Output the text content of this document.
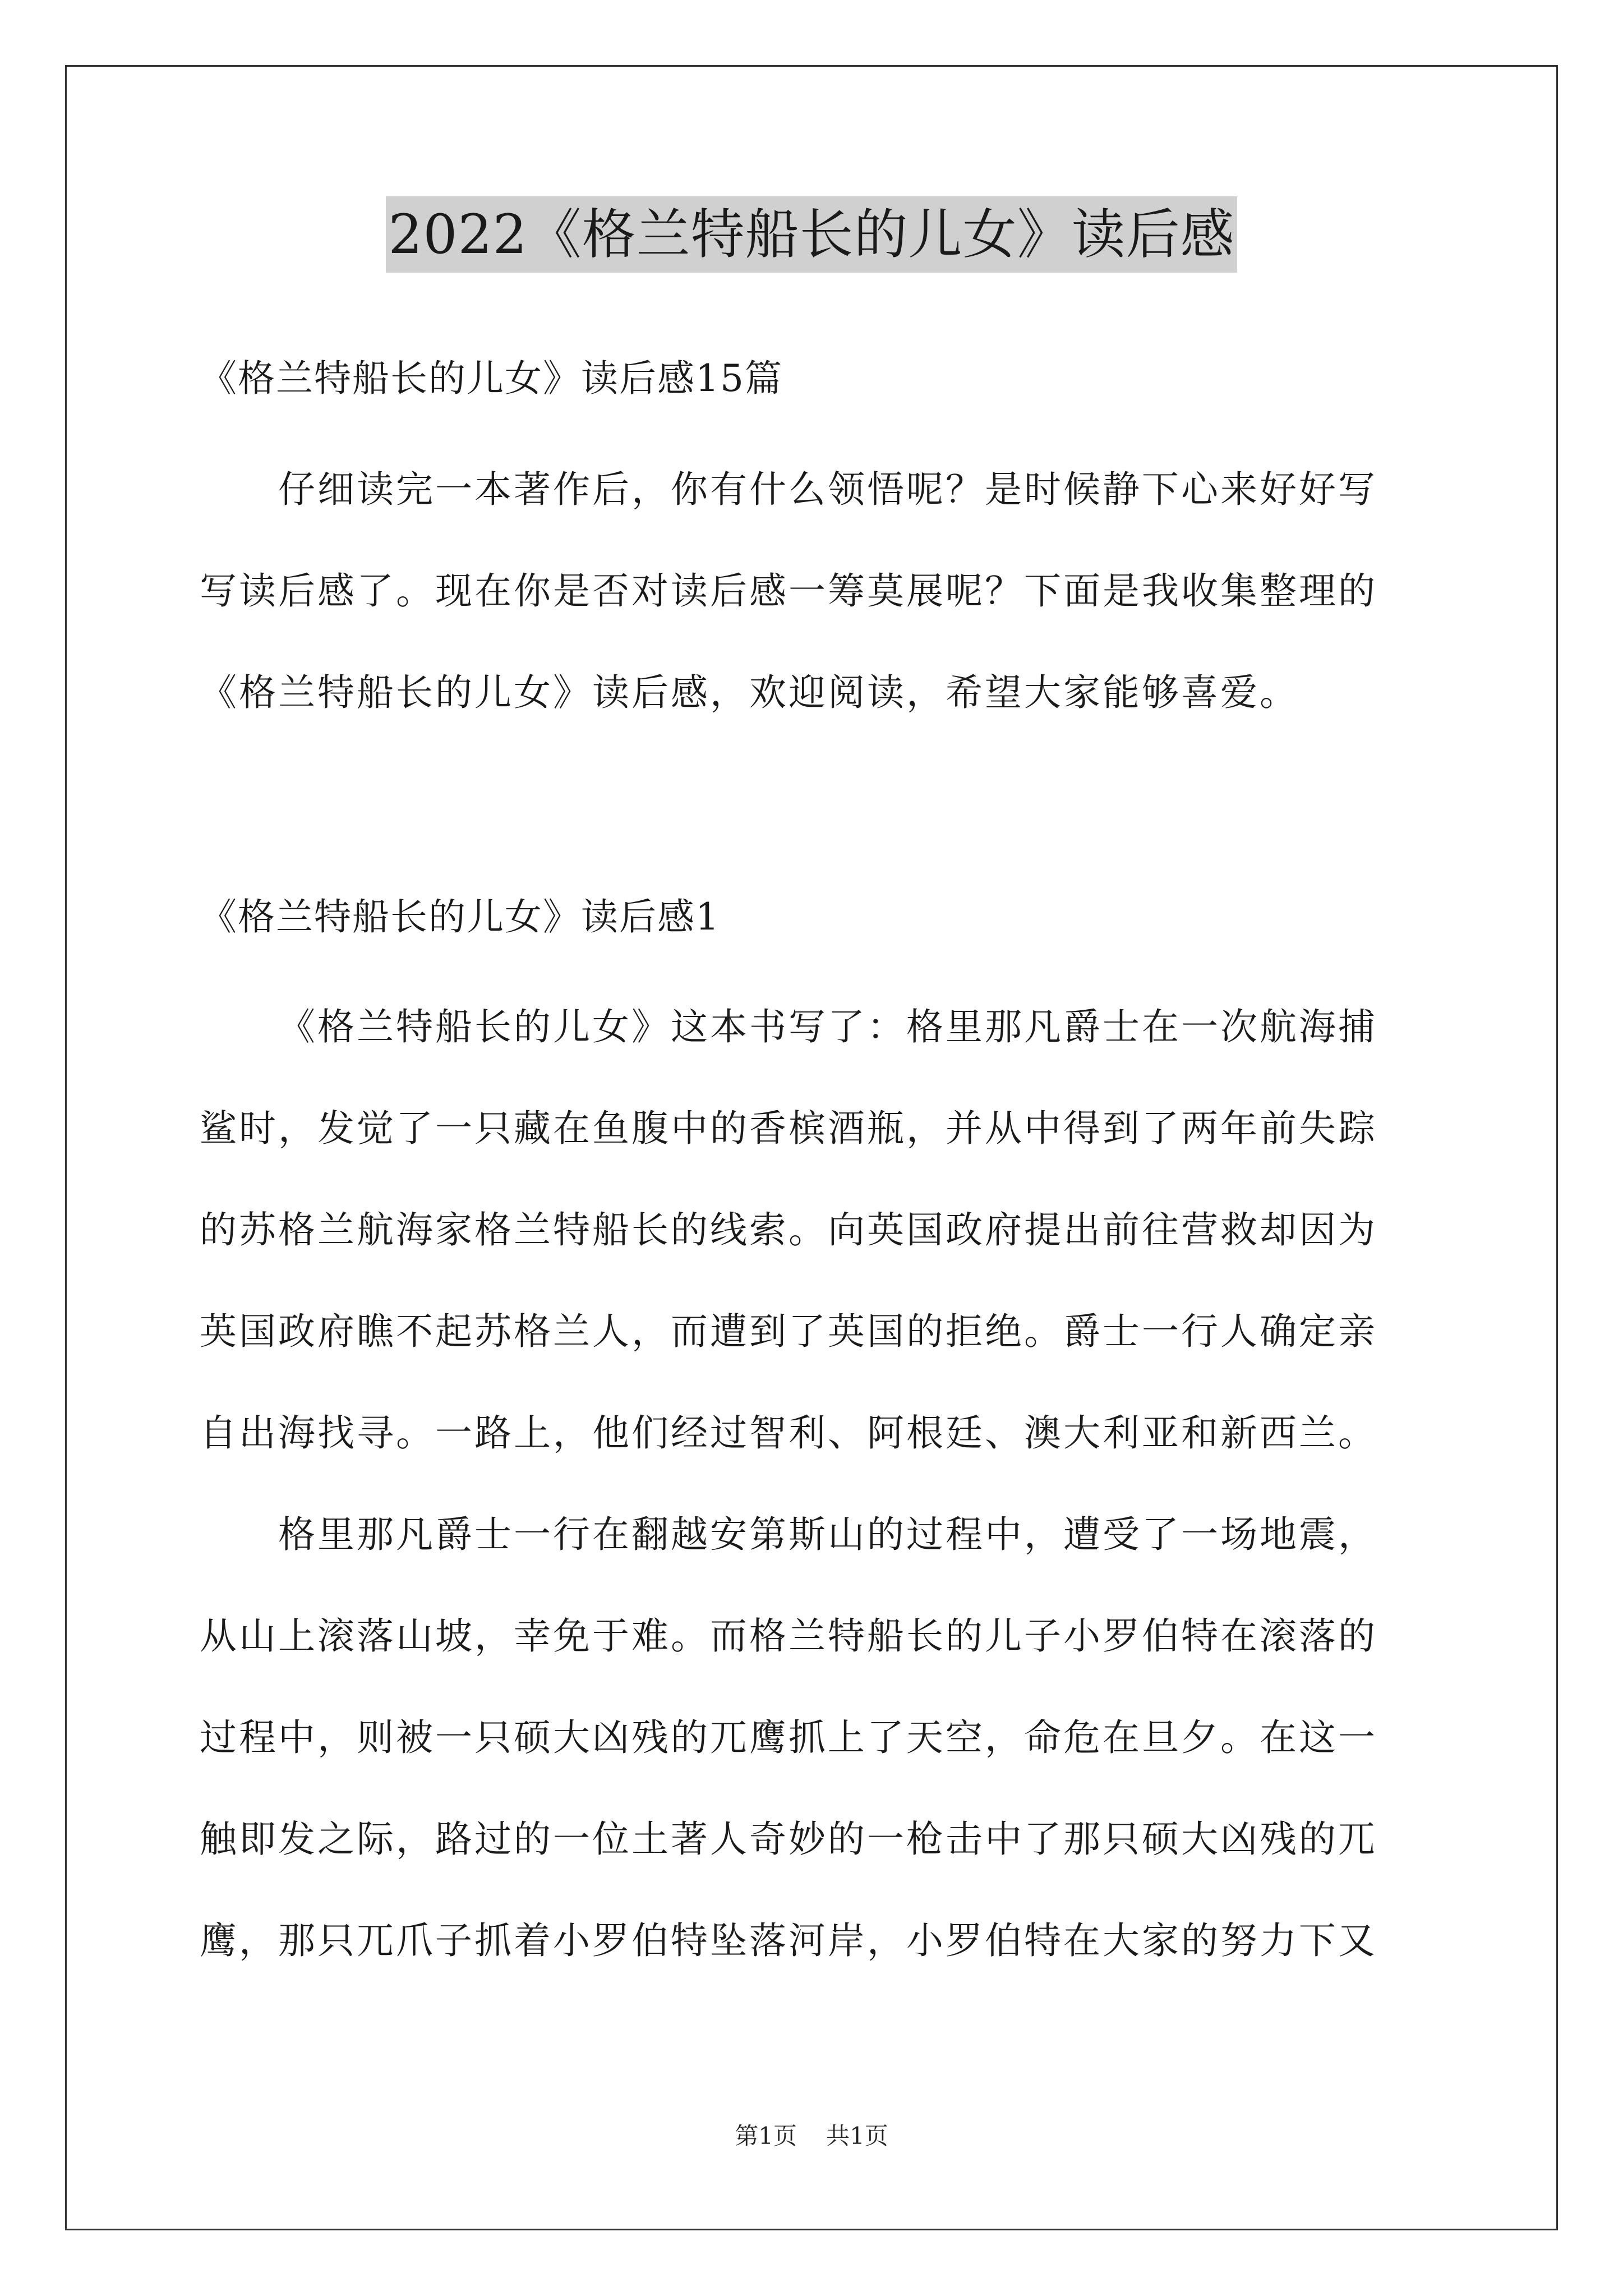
2022《格兰特船长的儿女》读后感
《格兰特船长的儿女》读后感15篇
仔细读完一本著作后，你有什么领悟呢？是时候静下心来好好写
写读后感了。现在你是否对读后感一筹莫展呢？下面是我收集整理的
《格兰特船长的儿女》读后感，欢迎阅读，希望大家能够喜爱。
《格兰特船长的儿女》读后感1
《格兰特船长的儿女》这本书写了：格里那凡爵士在一次航海捕
鲨时，发觉了一只藏在鱼腹中的香槟酒瓶，并从中得到了两年前失踪
的苏格兰航海家格兰特船长的线索。向英国政府提出前往营救却因为
英国政府瞧不起苏格兰人，而遭到了英国的拒绝。爵士一行人确定亲
自出海找寻。一路上，他们经过智利、阿根廷、澳大利亚和新西兰。
格里那凡爵士一行在翻越安第斯山的过程中，遭受了一场地震，
从山上滚落山坡，幸免于难。而格兰特船长的儿子小罗伯特在滚落的
过程中，则被一只硕大凶残的兀鹰抓上了天空，命危在旦夕。在这一
触即发之际，路过的一位土著人奇妙的一枪击中了那只硕大凶残的兀
鹰，那只兀爪子抓着小罗伯特坠落河岸，小罗伯特在大家的努力下又
第1页 共1页
